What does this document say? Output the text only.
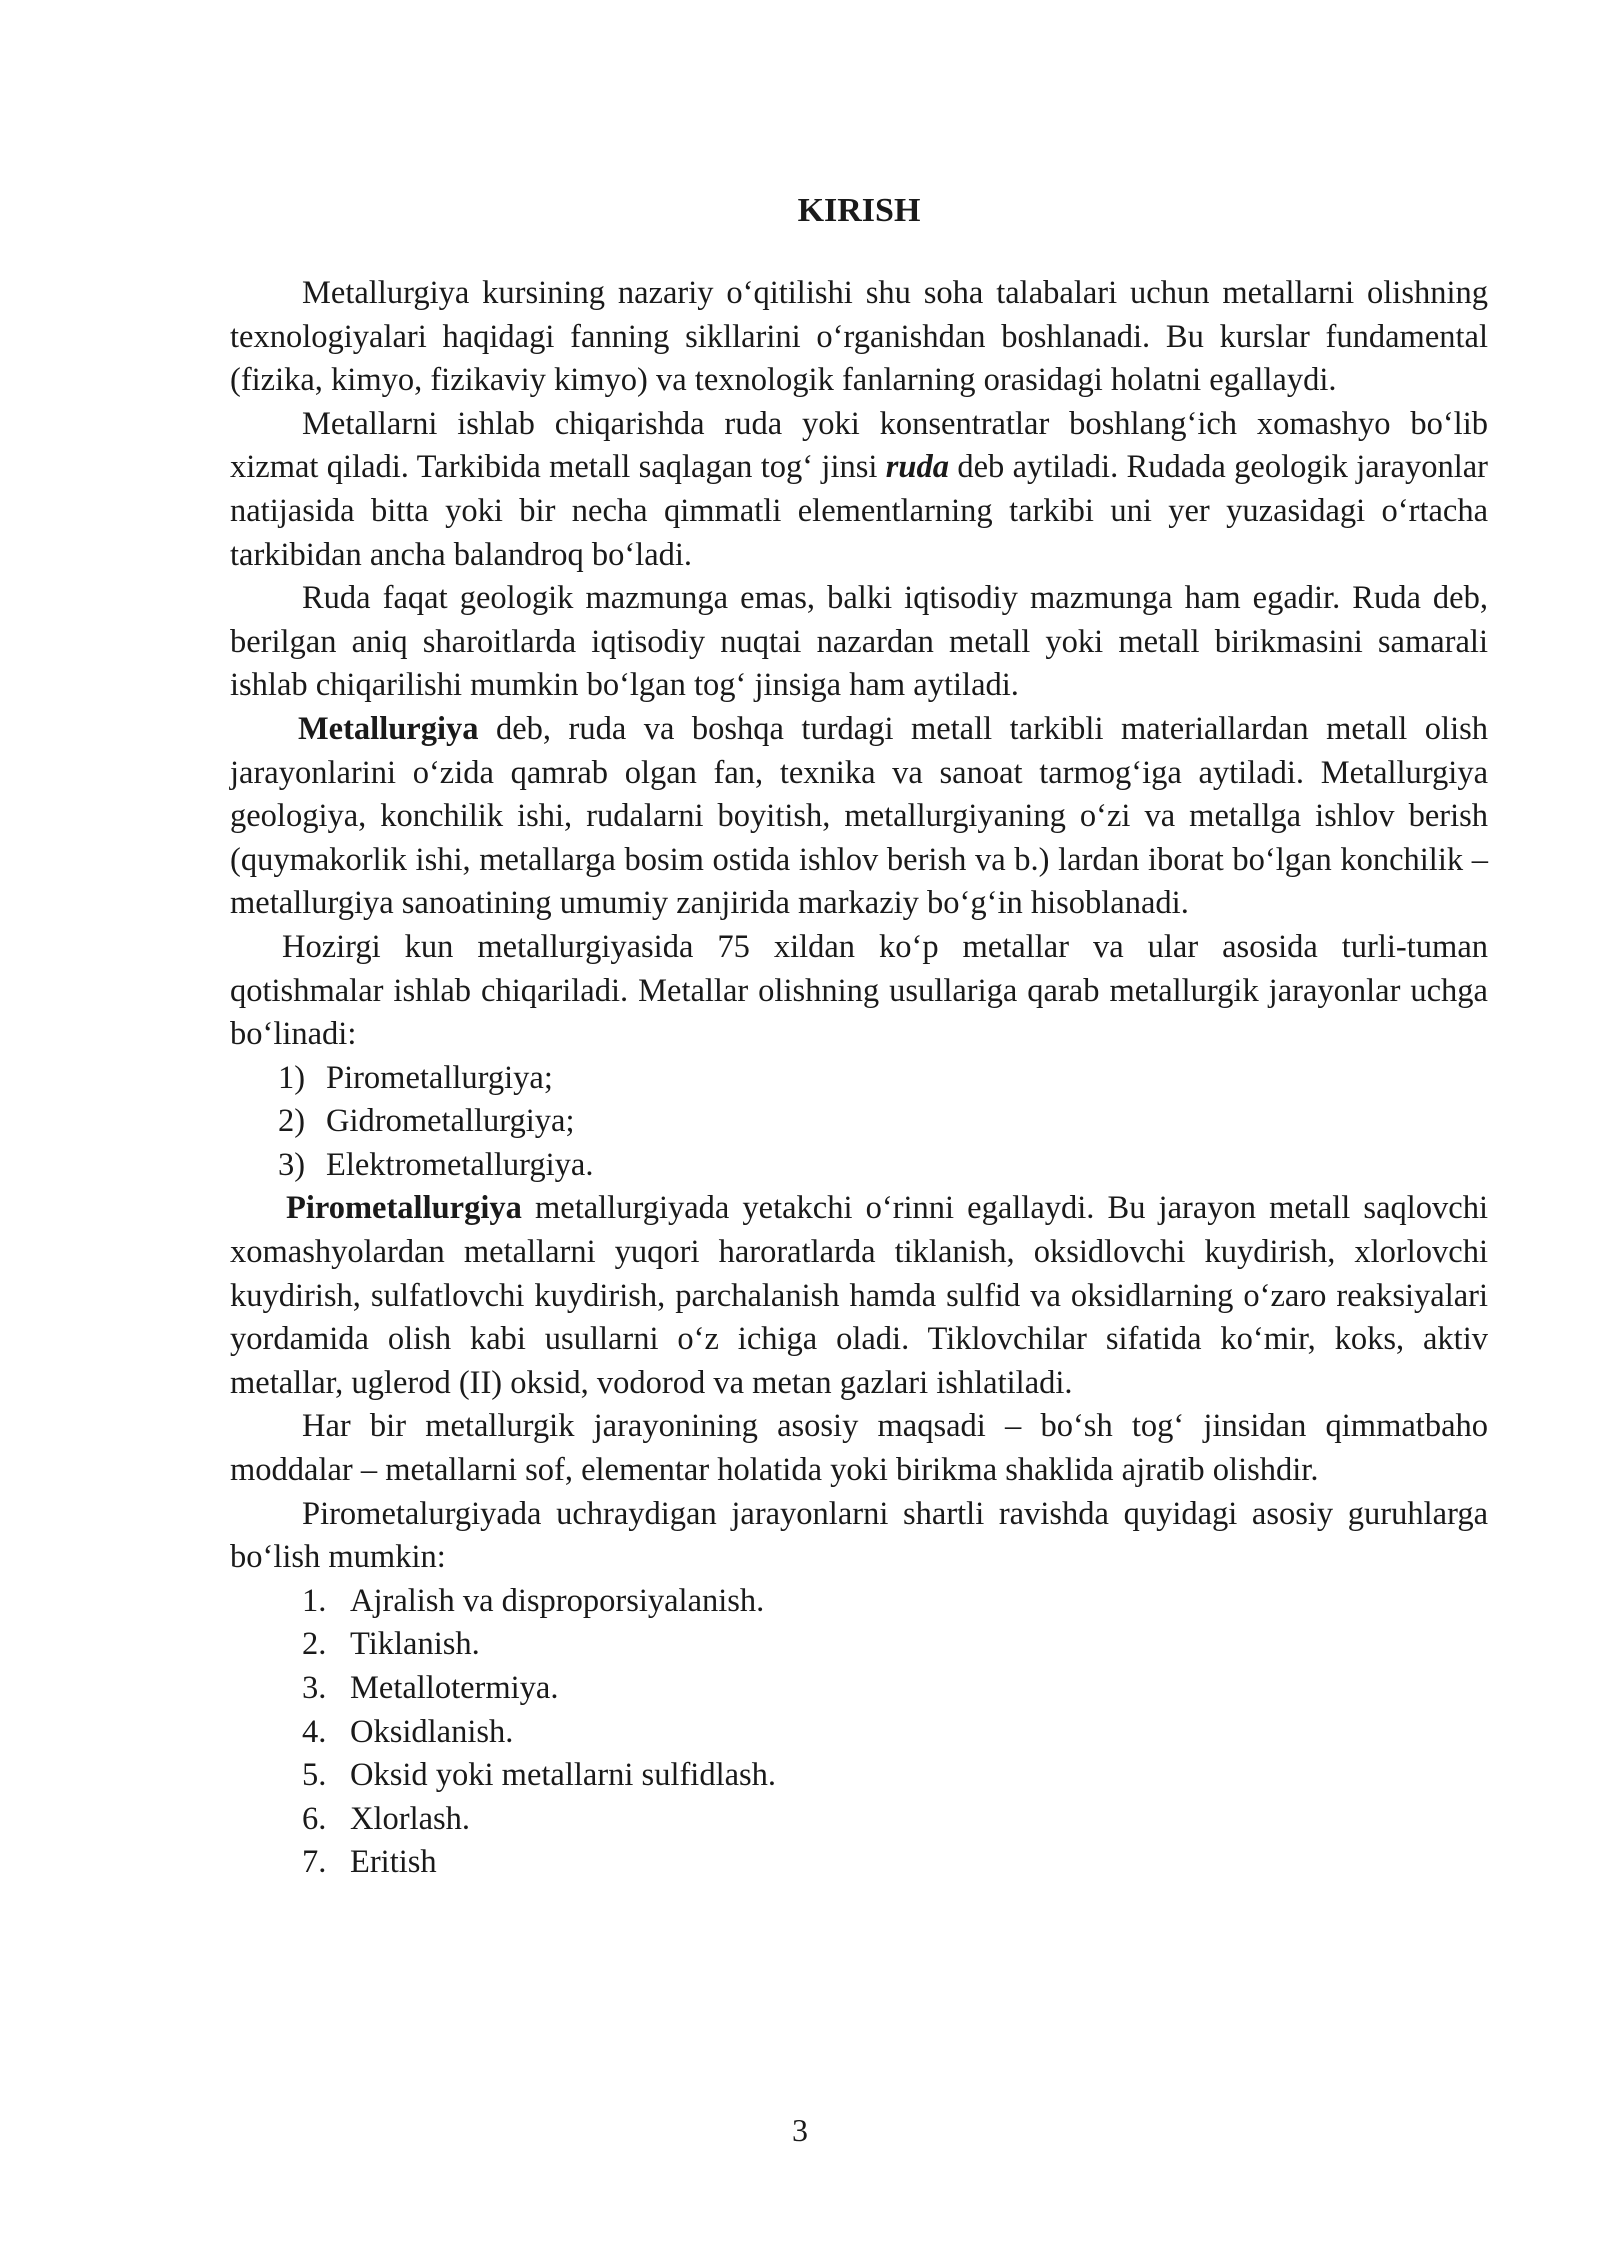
KIRISH

Metallurgiya kursining nazariy o‘qitilishi shu soha talabalari uchun metallarni olishning texnologiyalari haqidagi fanning sikllarini o‘rganishdan boshlanadi. Bu kurslar fundamental (fizika, kimyo, fizikaviy kimyo) va texnologik fanlarning orasidagi holatni egallaydi.

Metallarni ishlab chiqarishda ruda yoki konsentratlar boshlang‘ich xomashyo bo‘lib xizmat qiladi. Tarkibida metall saqlagan tog‘ jinsi ruda deb aytiladi. Rudada geologik jarayonlar natijasida bitta yoki bir necha qimmatli elementlarning tarkibi uni yer yuzasidagi o‘rtacha tarkibidan ancha balandroq bo‘ladi.

Ruda faqat geologik mazmunga emas, balki iqtisodiy mazmunga ham egadir. Ruda deb, berilgan aniq sharoitlarda iqtisodiy nuqtai nazardan metall yoki metall birikmasini samarali ishlab chiqarilishi mumkin bo‘lgan tog‘ jinsiga ham aytiladi.

Metallurgiya deb, ruda va boshqa turdagi metall tarkibli materiallardan metall olish jarayonlarini o‘zida qamrab olgan fan, texnika va sanoat tarmog‘iga aytiladi. Metallurgiya geologiya, konchilik ishi, rudalarni boyitish, metallurgiyaning o‘zi va metallga ishlov berish (quymakorlik ishi, metallarga bosim ostida ishlov berish va b.) lardan iborat bo‘lgan konchilik – metallurgiya sanoatining umumiy zanjirida markaziy bo‘g‘in hisoblanadi.

Hozirgi kun metallurgiyasida 75 xildan ko‘p metallar va ular asosida turli-tuman qotishmalar ishlab chiqariladi. Metallar olishning usullariga qarab metallurgik jarayonlar uchga bo‘linadi:

1) Pirometallurgiya;
2) Gidrometallurgiya;
3) Elektrometallurgiya.

Pirometallurgiya metallurgiyada yetakchi o‘rinni egallaydi. Bu jarayon metall saqlovchi xomashyolardan metallarni yuqori haroratlarda tiklanish, oksidlovchi kuydirish, xlorlovchi kuydirish, sulfatlovchi kuydirish, parchalanish hamda sulfid va oksidlarning o‘zaro reaksiyalari yordamida olish kabi usullarni o‘z ichiga oladi. Tiklovchilar sifatida ko‘mir, koks, aktiv metallar, uglerod (II) oksid, vodorod va metan gazlari ishlatiladi.

Har bir metallurgik jarayonining asosiy maqsadi – bo‘sh tog‘ jinsidan qimmatbaho moddalar – metallarni sof, elementar holatida yoki birikma shaklida ajratib olishdir.

Pirometalurgiyada uchraydigan jarayonlarni shartli ravishda quyidagi asosiy guruhlarga bo‘lish mumkin:

1. Ajralish va disproporsiyalanish.
2. Tiklanish.
3. Metallotermiya.
4. Oksidlanish.
5. Oksid yoki metallarni sulfidlash.
6. Xlorlash.
7. Eritish
3
